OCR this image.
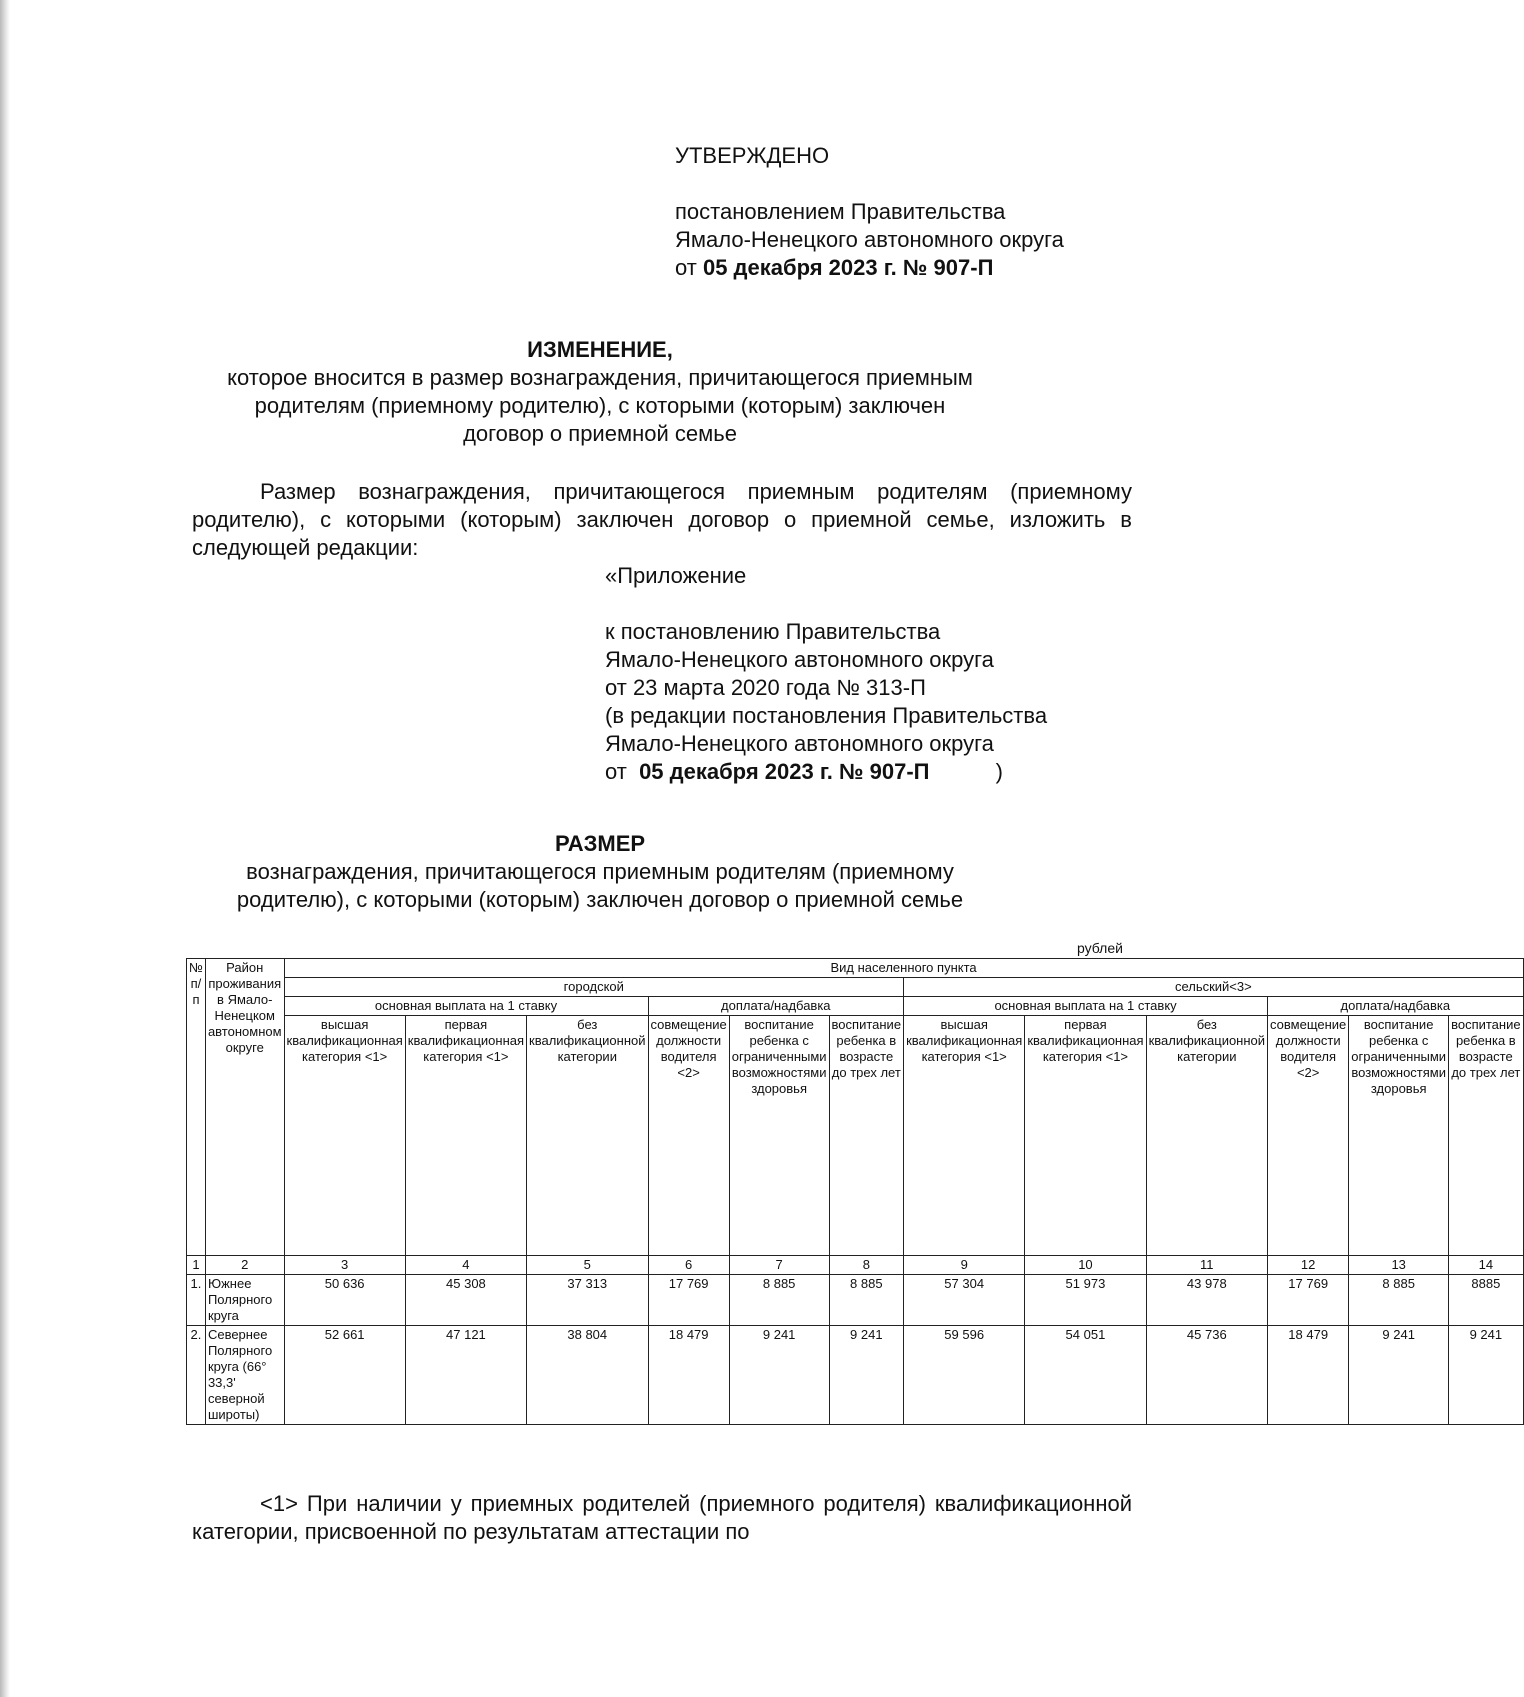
УТВЕРЖДЕНО
постановлением Правительства
Ямало-Ненецкого автономного округа
от 05 декабря 2023 г. № 907-П
ИЗМЕНЕНИЕ,
которое вносится в размер вознаграждения, причитающегося приемным
родителям (приемному родителю), с которыми (которым) заключен
договор о приемной семье
Размер вознаграждения, причитающегося приемным родителям (приемному родителю), с которыми (которым) заключен договор о приемной семье, изложить в следующей редакции:
«Приложение
к постановлению Правительства
Ямало-Ненецкого автономного округа
от 23 марта 2020 года № 313-П
(в редакции постановления Правительства
Ямало-Ненецкого автономного округа
от 05 декабря 2023 г. № 907-П	)
РАЗМЕР
вознаграждения, причитающегося приемным родителям (приемному
родителю), с которыми (которым) заключен договор о приемной семье
рублей
№ п/п	Район проживания в Ямало-Ненецком автономном округе	Вид населенного пункта											
		городской						сельский<3>					
		основная выплата на 1 ставку			доплата/надбавка			основная выплата на 1 ставку			доплата/надбавка		
		высшая квалификационная категория <1>	первая квалификационная категория <1>	без квалификационной категории	совмещение должности водителя <2>	воспитание ребенка с ограниченными возможностями здоровья	воспитание ребенка в возрасте до трех лет	высшая квалификационная категория <1>	первая квалификационная категория <1>	без квалификационной категории	совмещение должности водителя <2>	воспитание ребенка с ограниченными возможностями здоровья	воспитание ребенка в возрасте до трех лет
1	2	3	4	5	6	7	8	9	10	11	12	13	14
1.	Южнее Полярного круга	50 636	45 308	37 313	17 769	8 885	8 885	57 304	51 973	43 978	17 769	8 885	8885
2.	Севернее Полярного круга (66° 33,3' северной широты)	52 661	47 121	38 804	18 479	9 241	9 241	59 596	54 051	45 736	18 479	9 241	9 241
<1> При наличии у приемных родителей (приемного родителя) квалификационной категории, присвоенной по результатам аттестации по
